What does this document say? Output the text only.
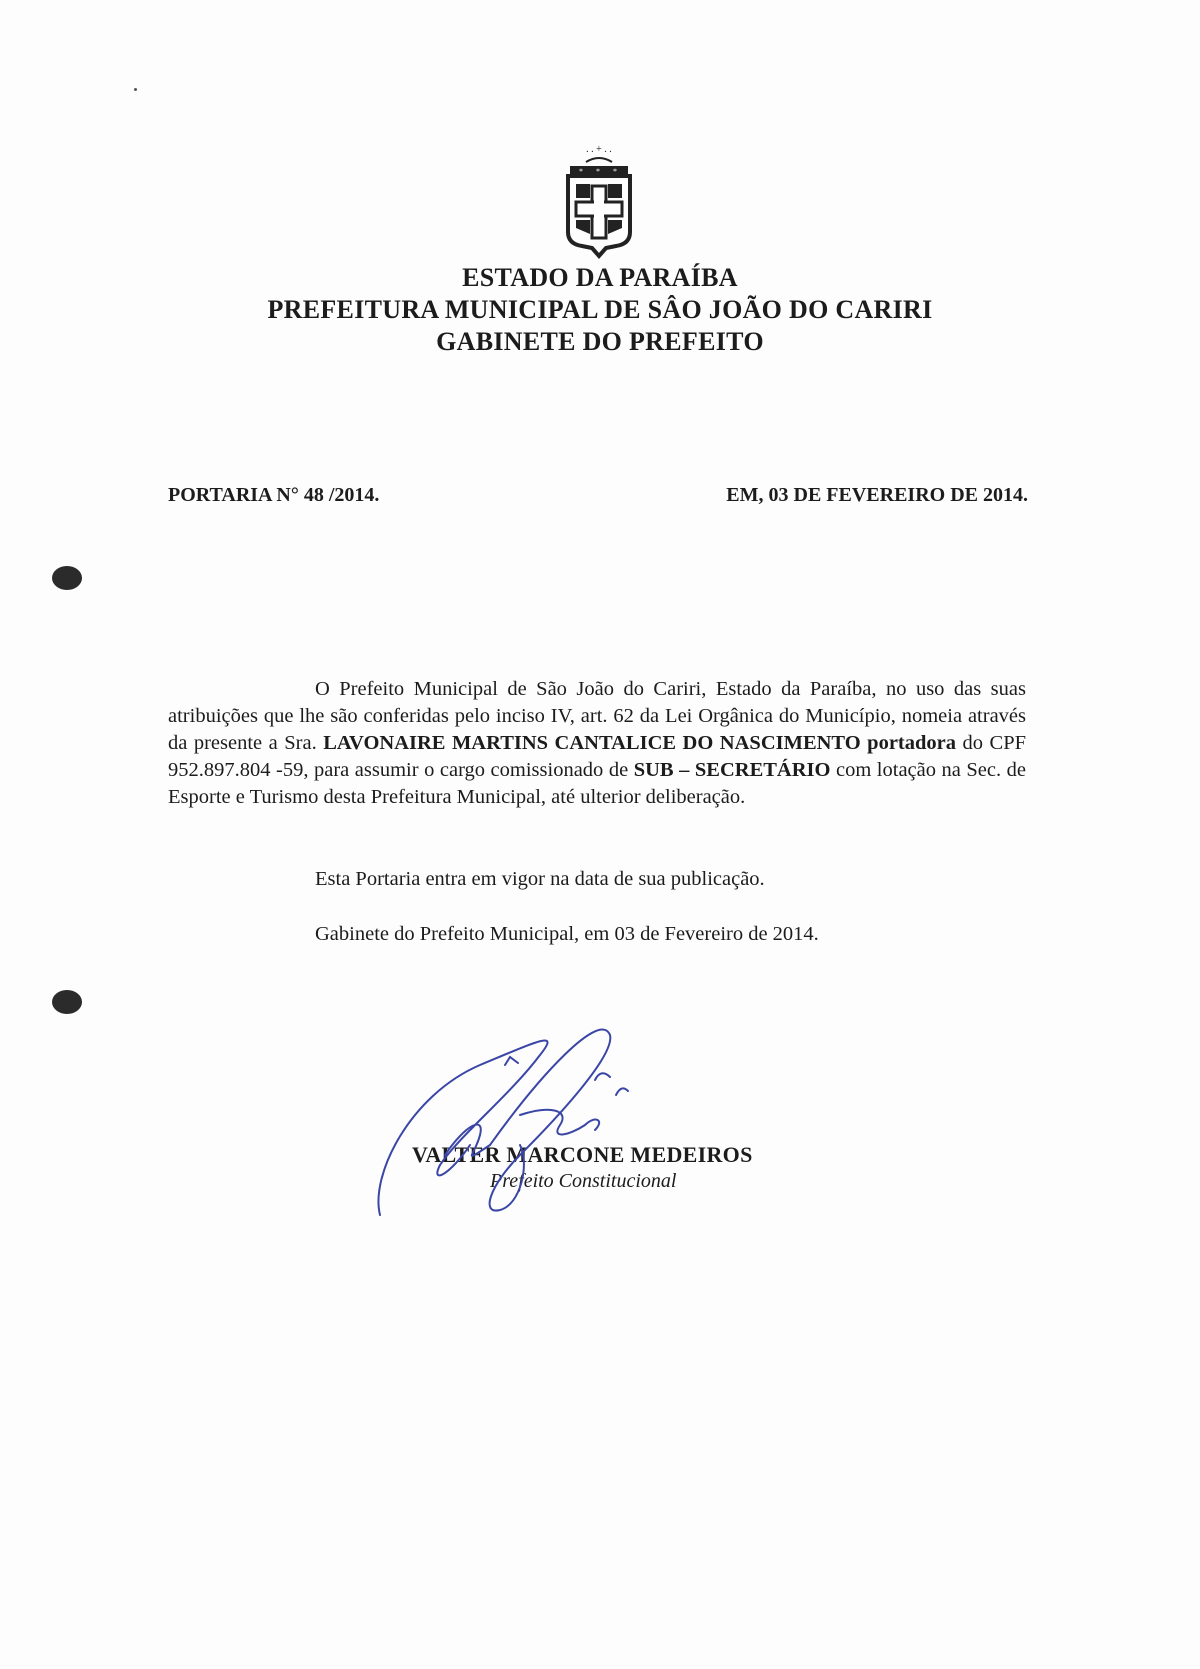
. . + . .
* * *
ESTADO DA PARAÍBA
PREFEITURA MUNICIPAL DE SÂO JOÃO DO CARIRI
GABINETE DO PREFEITO
PORTARIA N° 48 /2014.	EM, 03 DE FEVEREIRO DE 2014.

O Prefeito Municipal de São João do Cariri, Estado da Paraíba, no uso das suas atribuições que lhe são conferidas pelo inciso IV, art. 62 da Lei Orgânica do Município, nomeia através da presente a Sra. LAVONAIRE MARTINS CANTALICE DO NASCIMENTO portadora do CPF 952.897.804 -59, para assumir o cargo comissionado de SUB – SECRETÁRIO com lotação na Sec. de Esporte e Turismo desta Prefeitura Municipal, até ulterior deliberação.

Esta Portaria entra em vigor na data de sua publicação.
Gabinete do Prefeito Municipal, em 03 de Fevereiro de 2014.
VALTER MARCONE MEDEIROS
Prefeito Constitucional
